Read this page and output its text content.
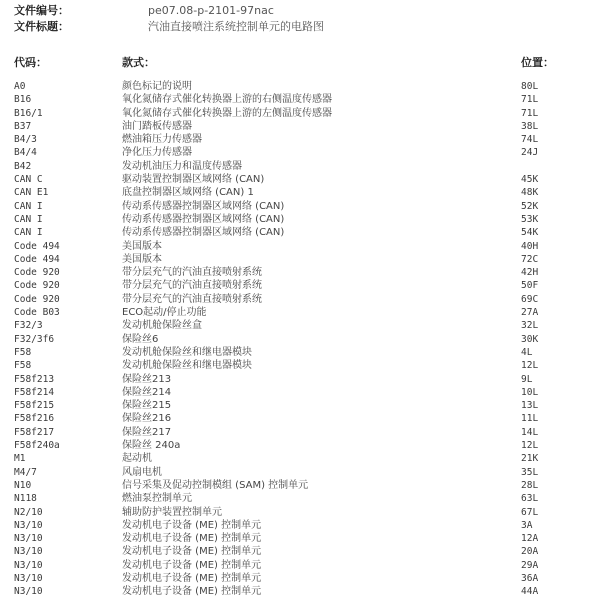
文件编号：	pe07.08-p-2101-97nac
文件标题：	汽油直接喷注系统控制单元的电路图
代码：	款式：	位置：
A0	颜色标记的说明	80L
B16	氧化氮储存式催化转换器上游的右侧温度传感器	71L
B16/1	氧化氮储存式催化转换器上游的左侧温度传感器	71L
B37	油门踏板传感器	38L
B4/3	燃油箱压力传感器	74L
B4/4	净化压力传感器	24J
B42	发动机油压力和温度传感器
CAN C	驱动装置控制器区域网络 (CAN)	45K
CAN E1	底盘控制器区域网络 (CAN) 1	48K
CAN I	传动系传感器控制器区域网络 (CAN)	52K
CAN I	传动系传感器控制器区域网络 (CAN)	53K
CAN I	传动系传感器控制器区域网络 (CAN)	54K
Code 494	美国版本	40H
Code 494	美国版本	72C
Code 920	带分层充气的汽油直接喷射系统	42H
Code 920	带分层充气的汽油直接喷射系统	50F
Code 920	带分层充气的汽油直接喷射系统	69C
Code B03	ECO起动/停止功能	27A
F32/3	发动机舱保险丝盒	32L
F32/3f6	保险丝6	30K
F58	发动机舱保险丝和继电器模块	4L
F58	发动机舱保险丝和继电器模块	12L
F58f213	保险丝213	9L
F58f214	保险丝214	10L
F58f215	保险丝215	13L
F58f216	保险丝216	11L
F58f217	保险丝217	14L
F58f240a	保险丝 240a	12L
M1	起动机	21K
M4/7	风扇电机	35L
N10	信号采集及促动控制模组 (SAM) 控制单元	28L
N118	燃油泵控制单元	63L
N2/10	辅助防护装置控制单元	67L
N3/10	发动机电子设备 (ME) 控制单元	3A
N3/10	发动机电子设备 (ME) 控制单元	12A
N3/10	发动机电子设备 (ME) 控制单元	20A
N3/10	发动机电子设备 (ME) 控制单元	29A
N3/10	发动机电子设备 (ME) 控制单元	36A
N3/10	发动机电子设备 (ME) 控制单元	44A
